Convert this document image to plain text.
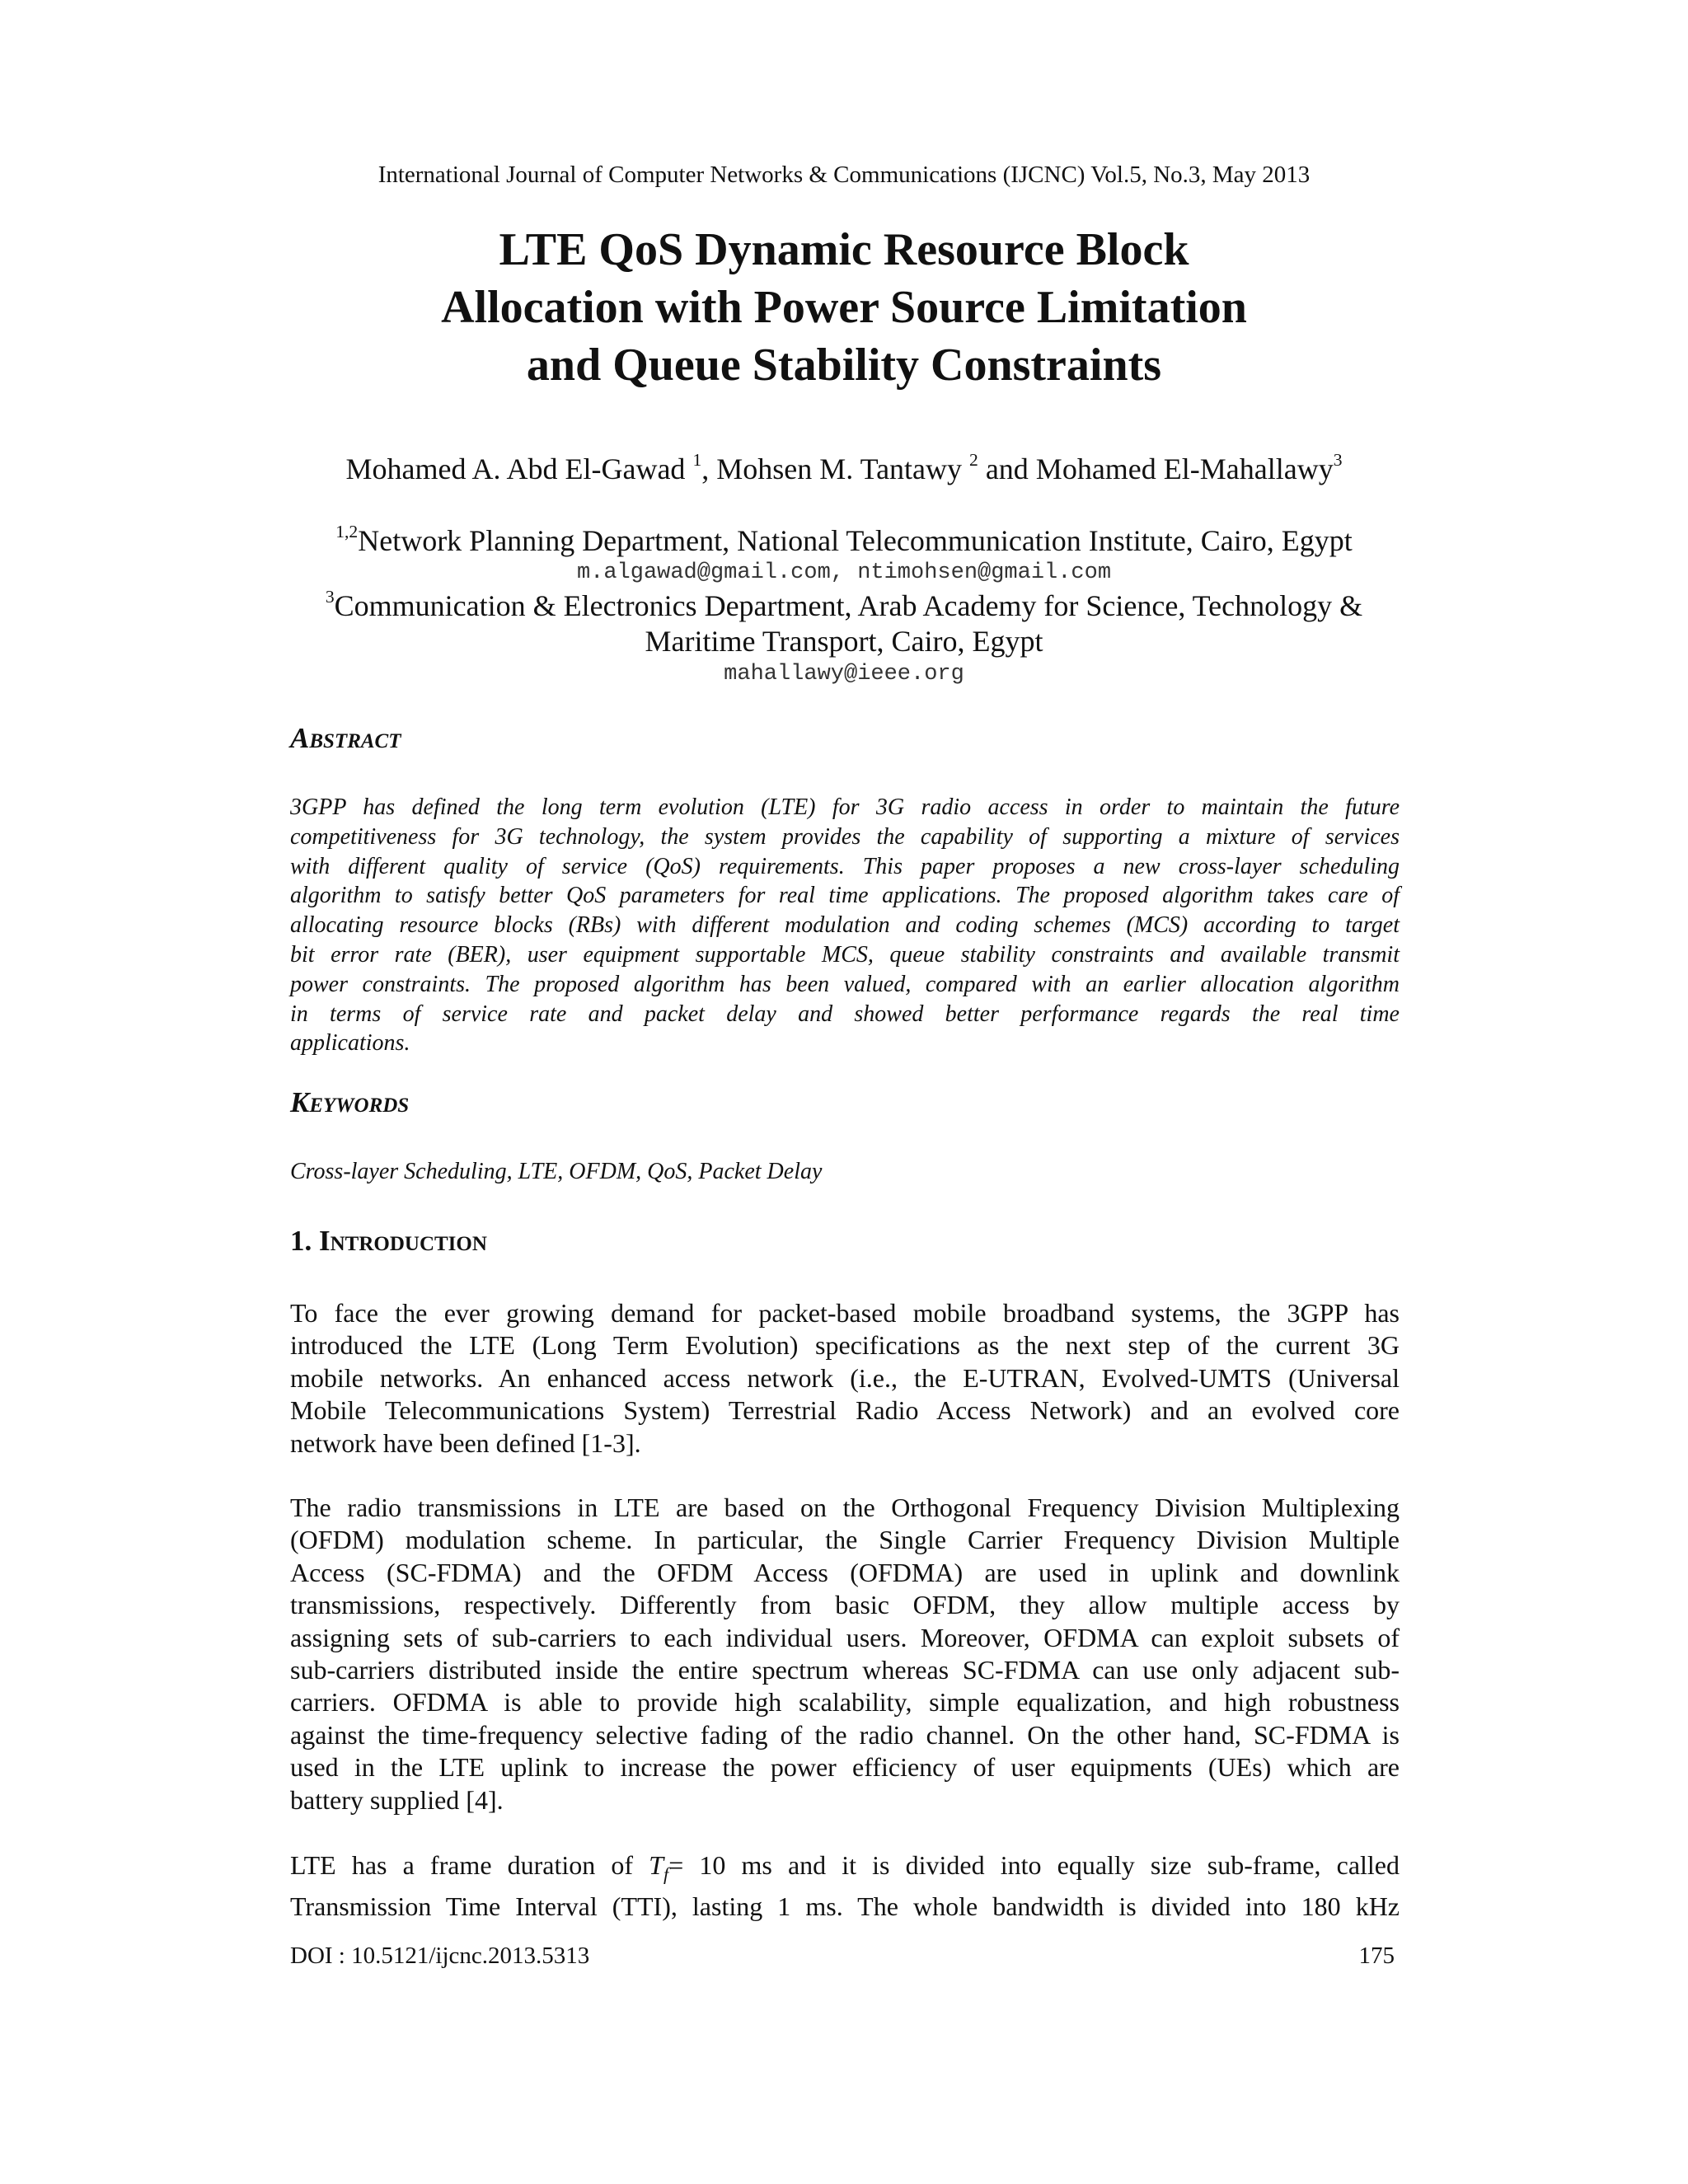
International Journal of Computer Networks & Communications (IJCNC) Vol.5, No.3, May 2013
LTE QoS Dynamic Resource Block
Allocation with Power Source Limitation
and Queue Stability Constraints
Mohamed A. Abd El-Gawad $^1$, Mohsen M. Tantawy $^2$ and Mohamed El-Mahallawy$^3$
$^{1,2}$Network Planning Department, National Telecommunication Institute, Cairo, Egypt
m.algawad@gmail.com, ntimohsen@gmail.com
$^3$Communication & Electronics Department, Arab Academy for Science, Technology &
Maritime Transport, Cairo, Egypt
mahallawy@ieee.org
Abstract
3GPP has defined the long term evolution (LTE) for 3G radio access in order to maintain the future
competitiveness for 3G technology, the system provides the capability of supporting a mixture of services
with different quality of service (QoS) requirements. This paper proposes a new cross-layer scheduling
algorithm to satisfy better QoS parameters for real time applications. The proposed algorithm takes care of
allocating resource blocks (RBs) with different modulation and coding schemes (MCS) according to target
bit error rate (BER), user equipment supportable MCS, queue stability constraints and available transmit
power constraints. The proposed algorithm has been valued, compared with an earlier allocation algorithm
in terms of service rate and packet delay and showed better performance regards the real time
applications.
Keywords
Cross-layer Scheduling, LTE, OFDM, QoS, Packet Delay
1. Introduction
To face the ever growing demand for packet-based mobile broadband systems, the 3GPP has
introduced the LTE (Long Term Evolution) specifications as the next step of the current 3G
mobile networks. An enhanced access network (i.e., the E-UTRAN, Evolved-UMTS (Universal
Mobile Telecommunications System) Terrestrial Radio Access Network) and an evolved core
network have been defined [1-3].
The radio transmissions in LTE are based on the Orthogonal Frequency Division Multiplexing
(OFDM) modulation scheme. In particular, the Single Carrier Frequency Division Multiple
Access (SC-FDMA) and the OFDM Access (OFDMA) are used in uplink and downlink
transmissions, respectively. Differently from basic OFDM, they allow multiple access by
assigning sets of sub-carriers to each individual users. Moreover, OFDMA can exploit subsets of
sub-carriers distributed inside the entire spectrum whereas SC-FDMA can use only adjacent sub-
carriers. OFDMA is able to provide high scalability, simple equalization, and high robustness
against the time-frequency selective fading of the radio channel. On the other hand, SC-FDMA is
used in the LTE uplink to increase the power efficiency of user equipments (UEs) which are
battery supplied [4].
LTE has a frame duration of $T_f= 10$ ms and it is divided into equally size sub-frame, called
Transmission Time Interval (TTI), lasting 1 ms. The whole bandwidth is divided into 180 kHz
DOI : 10.5121/ijcnc.2013.5313	175
